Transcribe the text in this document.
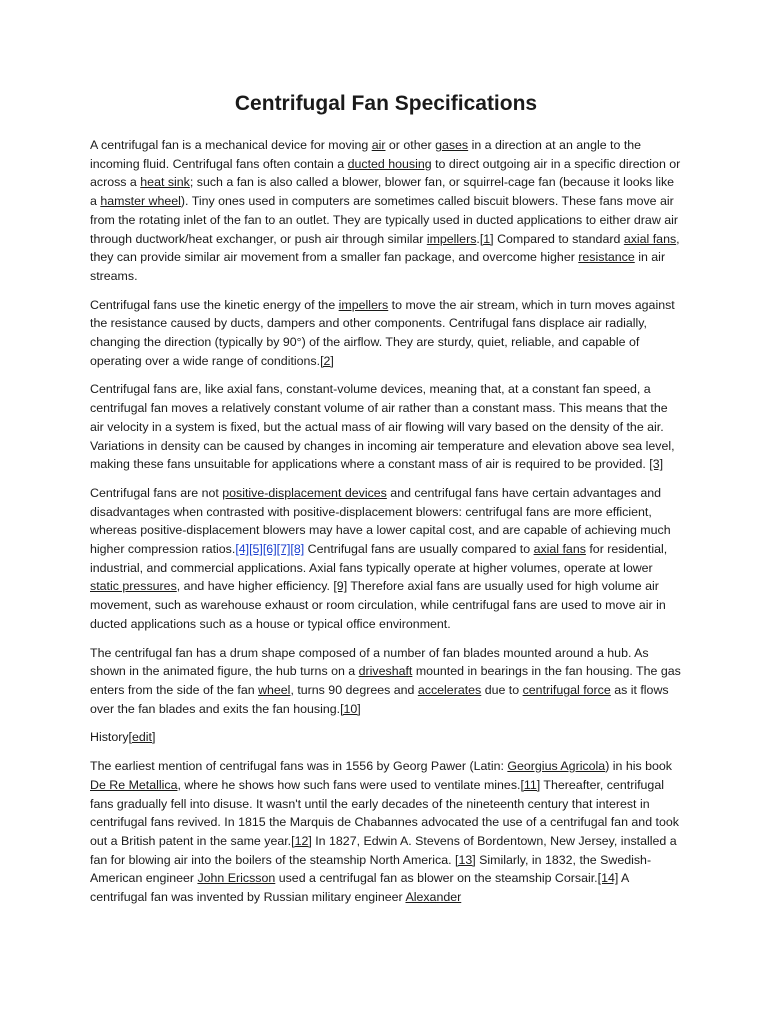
Centrifugal Fan Specifications

A centrifugal fan is a mechanical device for moving air or other gases in a direction at an angle to the incoming fluid. Centrifugal fans often contain a ducted housing to direct outgoing air in a specific direction or across a heat sink; such a fan is also called a blower, blower fan, or squirrel-cage fan (because it looks like a hamster wheel). Tiny ones used in computers are sometimes called biscuit blowers. These fans move air from the rotating inlet of the fan to an outlet. They are typically used in ducted applications to either draw air through ductwork/heat exchanger, or push air through similar impellers.[1] Compared to standard axial fans, they can provide similar air movement from a smaller fan package, and overcome higher resistance in air streams.

Centrifugal fans use the kinetic energy of the impellers to move the air stream, which in turn moves against the resistance caused by ducts, dampers and other components. Centrifugal fans displace air radially, changing the direction (typically by 90°) of the airflow. They are sturdy, quiet, reliable, and capable of operating over a wide range of conditions.[2]

Centrifugal fans are, like axial fans, constant-volume devices, meaning that, at a constant fan speed, a centrifugal fan moves a relatively constant volume of air rather than a constant mass. This means that the air velocity in a system is fixed, but the actual mass of air flowing will vary based on the density of the air. Variations in density can be caused by changes in incoming air temperature and elevation above sea level, making these fans unsuitable for applications where a constant mass of air is required to be provided. [3]

Centrifugal fans are not positive-displacement devices and centrifugal fans have certain advantages and disadvantages when contrasted with positive-displacement blowers: centrifugal fans are more efficient, whereas positive-displacement blowers may have a lower capital cost, and are capable of achieving much higher compression ratios.[4][5][6][7][8] Centrifugal fans are usually compared to axial fans for residential, industrial, and commercial applications. Axial fans typically operate at higher volumes, operate at lower static pressures, and have higher efficiency. [9] Therefore axial fans are usually used for high volume air movement, such as warehouse exhaust or room circulation, while centrifugal fans are used to move air in ducted applications such as a house or typical office environment.

The centrifugal fan has a drum shape composed of a number of fan blades mounted around a hub. As shown in the animated figure, the hub turns on a driveshaft mounted in bearings in the fan housing. The gas enters from the side of the fan wheel, turns 90 degrees and accelerates due to centrifugal force as it flows over the fan blades and exits the fan housing.[10]

History[edit]

The earliest mention of centrifugal fans was in 1556 by Georg Pawer (Latin: Georgius Agricola) in his book De Re Metallica, where he shows how such fans were used to ventilate mines.[11] Thereafter, centrifugal fans gradually fell into disuse. It wasn't until the early decades of the nineteenth century that interest in centrifugal fans revived. In 1815 the Marquis de Chabannes advocated the use of a centrifugal fan and took out a British patent in the same year.[12] In 1827, Edwin A. Stevens of Bordentown, New Jersey, installed a fan for blowing air into the boilers of the steamship North America. [13] Similarly, in 1832, the Swedish-American engineer John Ericsson used a centrifugal fan as blower on the steamship Corsair.[14] A centrifugal fan was invented by Russian military engineer Alexander
